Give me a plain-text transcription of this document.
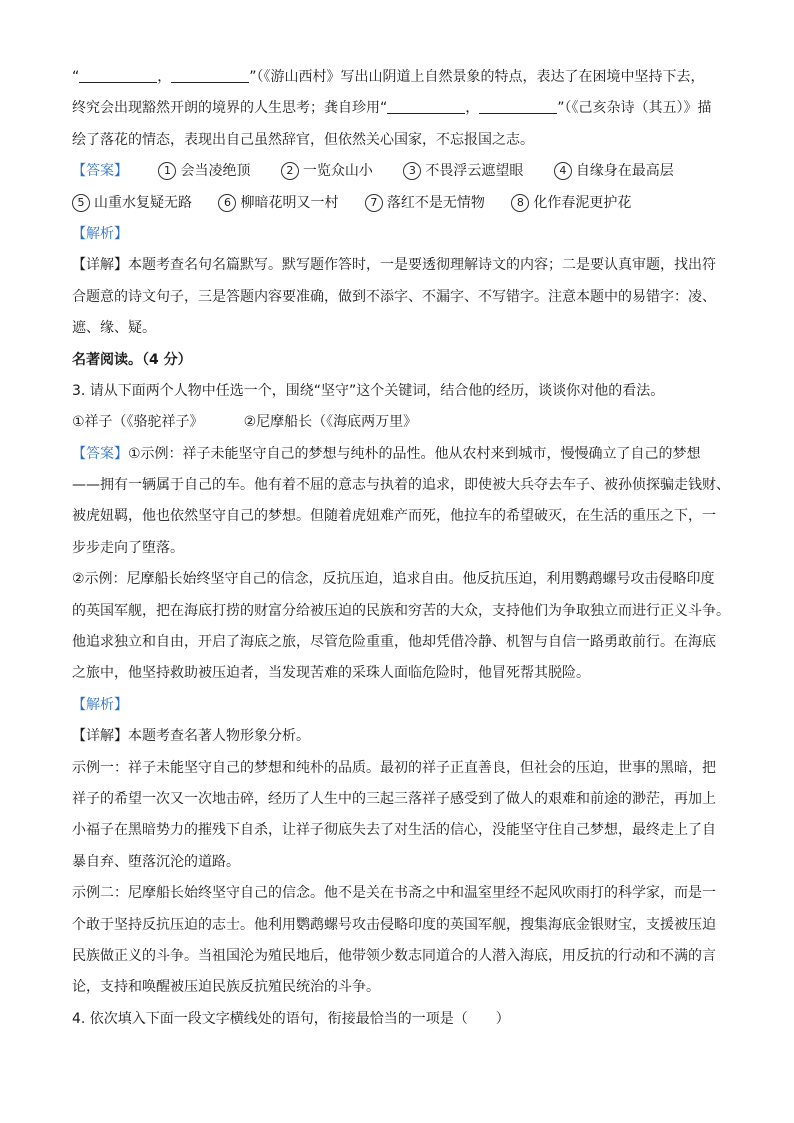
“	，	”（《游山西村》写出山阴道上自然景象的特点，表达了在困境中坚持下去，
终究会出现豁然开朗的境界的人生思考；龚自珍用“	，	”（《己亥杂诗（其五）》描
绘了落花的情态，表现出自己虽然辞官，但依然关心国家，不忘报国之志。
【答案】	1 会当凌绝顶	2 一览众山小	3 不畏浮云遮望眼	4 自缘身在最高层
5 山重水复疑无路	6 柳暗花明又一村	7 落红不是无情物	8 化作春泥更护花
【解析】
【详解】本题考查名句名篇默写。默写题作答时，一是要透彻理解诗文的内容；二是要认真审题，找出符
合题意的诗文句子，三是答题内容要准确，做到不添字、不漏字、不写错字。注意本题中的易错字：凌、
遮、缘、疑。
名著阅读。（4 分）
3. 请从下面两个人物中任选一个，围绕“坚守”这个关键词，结合他的经历，谈谈你对他的看法。
①祥子（《骆驼祥子》	②尼摩船长（《海底两万里》
【答案】①示例：祥子未能坚守自己的梦想与纯朴的品性。他从农村来到城市，慢慢确立了自己的梦想
——拥有一辆属于自己的车。他有着不屈的意志与执着的追求，即使被大兵夺去车子、被孙侦探骗走钱财、
被虎妞羁，他也依然坚守自己的梦想。但随着虎妞难产而死，他拉车的希望破灭，在生活的重压之下，一
步步走向了堕落。
②示例：尼摩船长始终坚守自己的信念，反抗压迫，追求自由。他反抗压迫，利用鹦鹉螺号攻击侵略印度
的英国军舰，把在海底打捞的财富分给被压迫的民族和穷苦的大众，支持他们为争取独立而进行正义斗争。
他追求独立和自由，开启了海底之旅，尽管危险重重，他却凭借冷静、机智与自信一路勇敢前行。在海底
之旅中，他坚持救助被压迫者，当发现苦难的采珠人面临危险时，他冒死帮其脱险。
【解析】
【详解】本题考查名著人物形象分析。
示例一：祥子未能坚守自己的梦想和纯朴的品质。最初的祥子正直善良，但社会的压迫，世事的黑暗，把
祥子的希望一次又一次地击碎，经历了人生中的三起三落祥子感受到了做人的艰难和前途的渺茫，再加上
小福子在黑暗势力的摧残下自杀，让祥子彻底失去了对生活的信心，没能坚守住自己梦想，最终走上了自
暴自弃、堕落沉沦的道路。
示例二：尼摩船长始终坚守自己的信念。他不是关在书斋之中和温室里经不起风吹雨打的科学家，而是一
个敢于坚持反抗压迫的志士。他利用鹦鹉螺号攻击侵略印度的英国军舰，搜集海底金银财宝，支援被压迫
民族做正义的斗争。当祖国沦为殖民地后，他带领少数志同道合的人潜入海底，用反抗的行动和不满的言
论，支持和唤醒被压迫民族反抗殖民统治的斗争。
4. 依次填入下面一段文字横线处的语句，衔接最恰当的一项是（　　）
